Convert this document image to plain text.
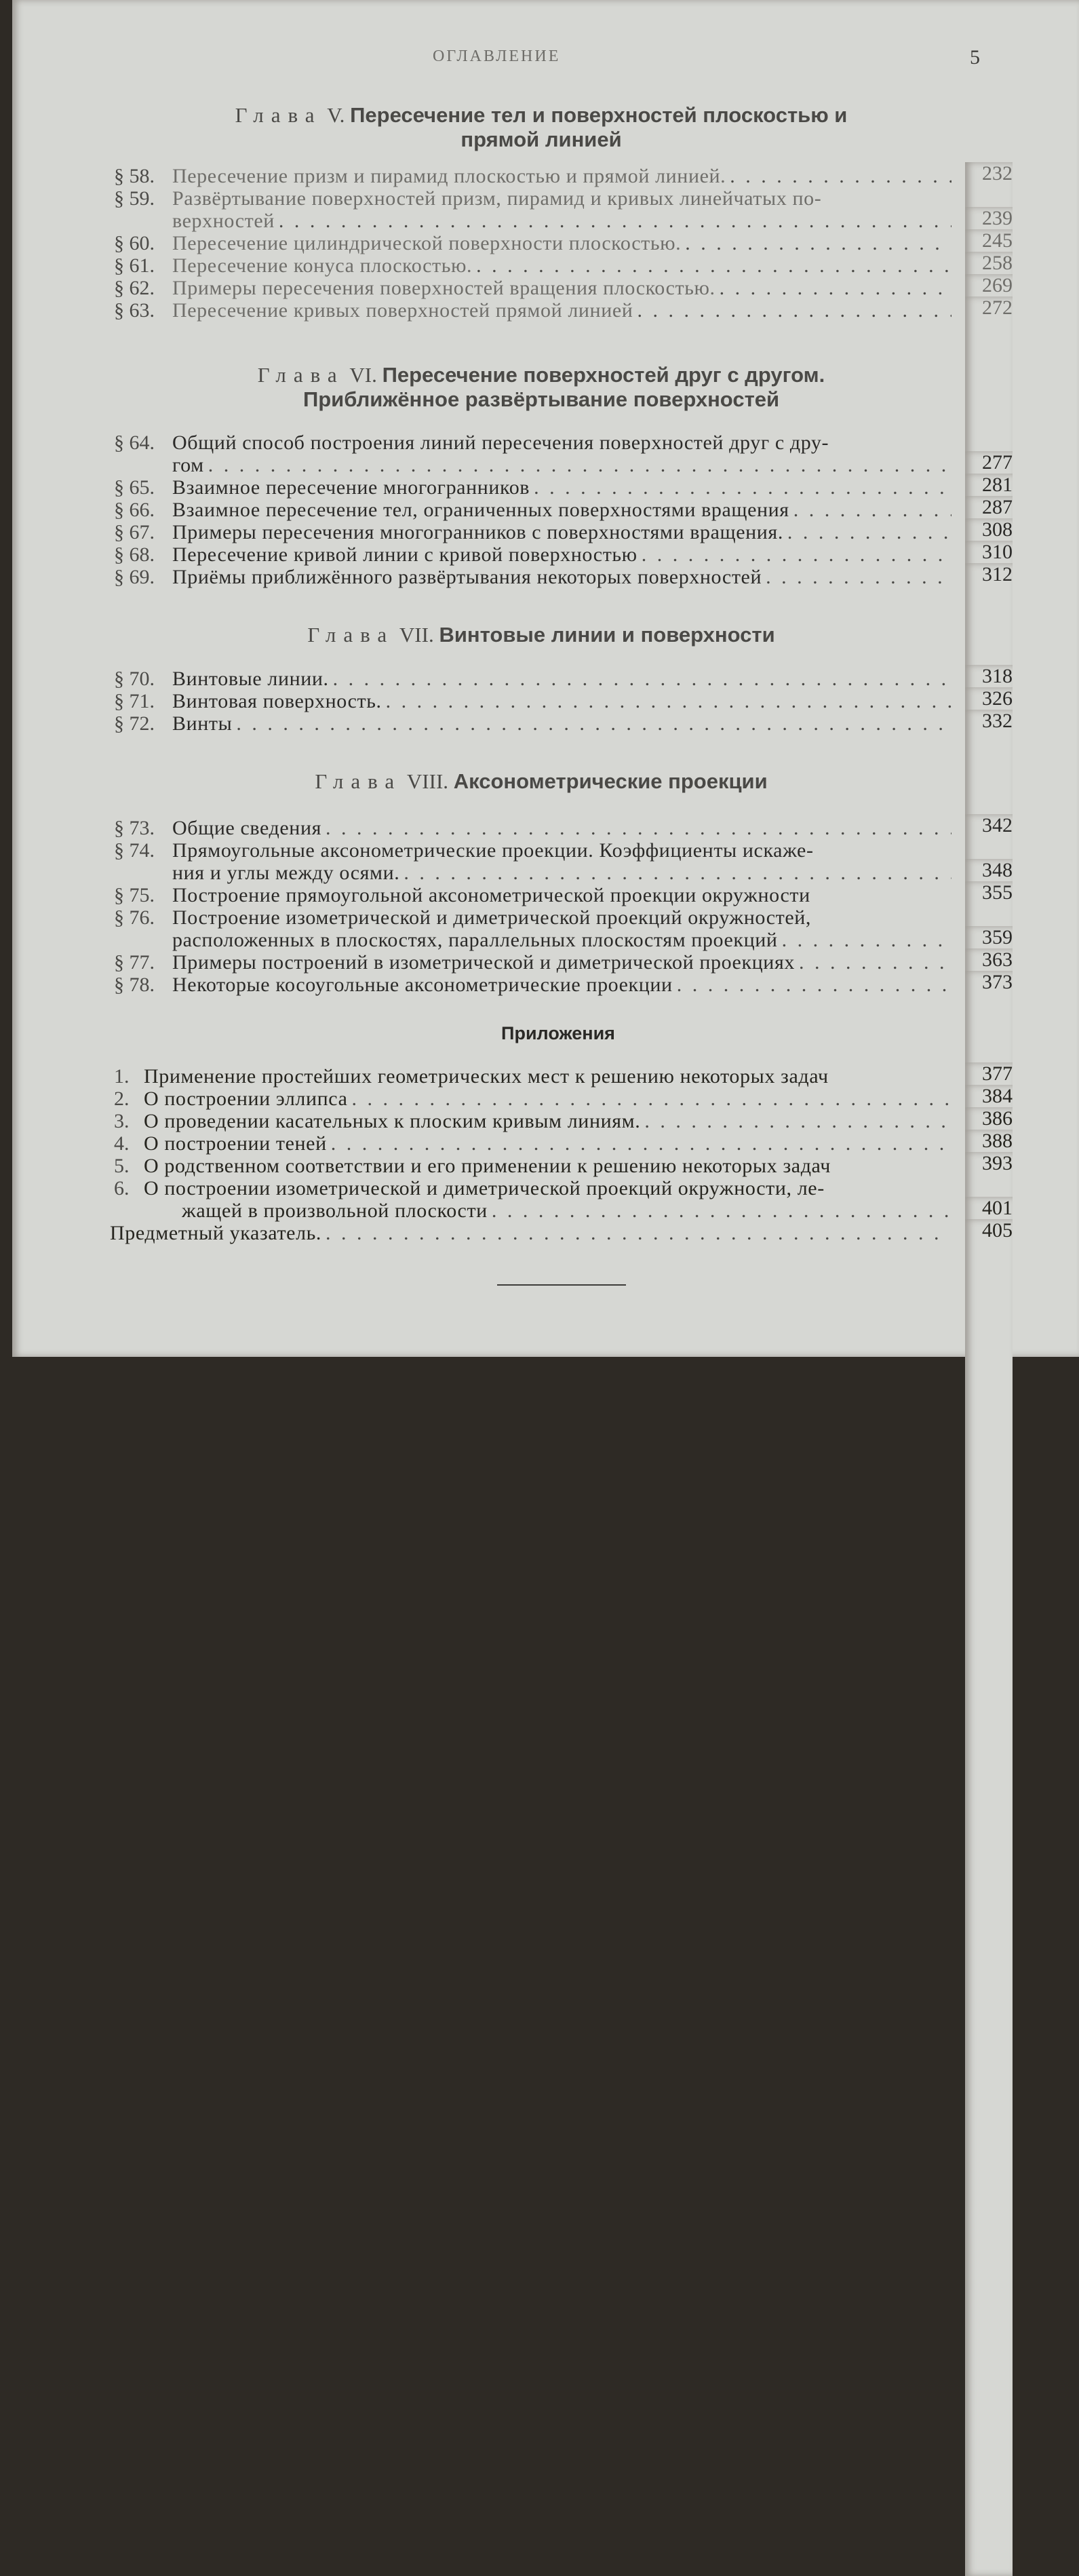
ОГЛАВЛЕНИЕ	5
Глава V. Пересечение тел и поверхностей плоскостью и
прямой линией
§ 58. Пересечение призм и пирамид плоскостью и прямой линией. . . .	232
§ 59. Развёртывание поверхностей призм, пирамид и кривых линейчатых по-
верхностей . . .	239
§ 60. Пересечение цилиндрической поверхности плоскостью. . . .	245
§ 61. Пересечение конуса плоскостью. . . .	258
§ 62. Примеры пересечения поверхностей вращения плоскостью. . . .	269
§ 63. Пересечение кривых поверхностей прямой линией . . .	272
Глава VI. Пересечение поверхностей друг с другом.
Приближённое развёртывание поверхностей
§ 64. Общий способ построения линий пересечения поверхностей друг с дру-
гом . . .	277
§ 65. Взаимное пересечение многогранников . . .	281
§ 66. Взаимное пересечение тел, ограниченных поверхностями вращения . . .	287
§ 67. Примеры пересечения многогранников с поверхностями вращения. . . .	308
§ 68. Пересечение кривой линии с кривой поверхностью . . .	310
§ 69. Приёмы приближённого развёртывания некоторых поверхностей . . .	312
Глава VII. Винтовые линии и поверхности
§ 70. Винтовые линии. . . .	318
§ 71. Винтовая поверхность. . . .	326
§ 72. Винты . . .	332
Глава VIII. Аксонометрические проекции
§ 73. Общие сведения . . .	342
§ 74. Прямоугольные аксонометрические проекции. Коэффициенты искаже-
ния и углы между осями. . . .	348
§ 75. Построение прямоугольной аксонометрической проекции окружности	355
§ 76. Построение изометрической и диметрической проекций окружностей,
расположенных в плоскостях, параллельных плоскостям проекций . . .	359
§ 77. Примеры построений в изометрической и диметрической проекциях . . .	363
§ 78. Некоторые косоугольные аксонометрические проекции . . .	373
Приложения
1. Применение простейших геометрических мест к решению некоторых задач	377
2. О построении эллипса . . .	384
3. О проведении касательных к плоским кривым линиям. . . .	386
4. О построении теней . . .	388
5. О родственном соответствии и его применении к решению некоторых задач	393
6. О построении изометрической и диметрической проекций окружности, ле-
жащей в произвольной плоскости . . .	401
Предметный указатель. . . .	405
